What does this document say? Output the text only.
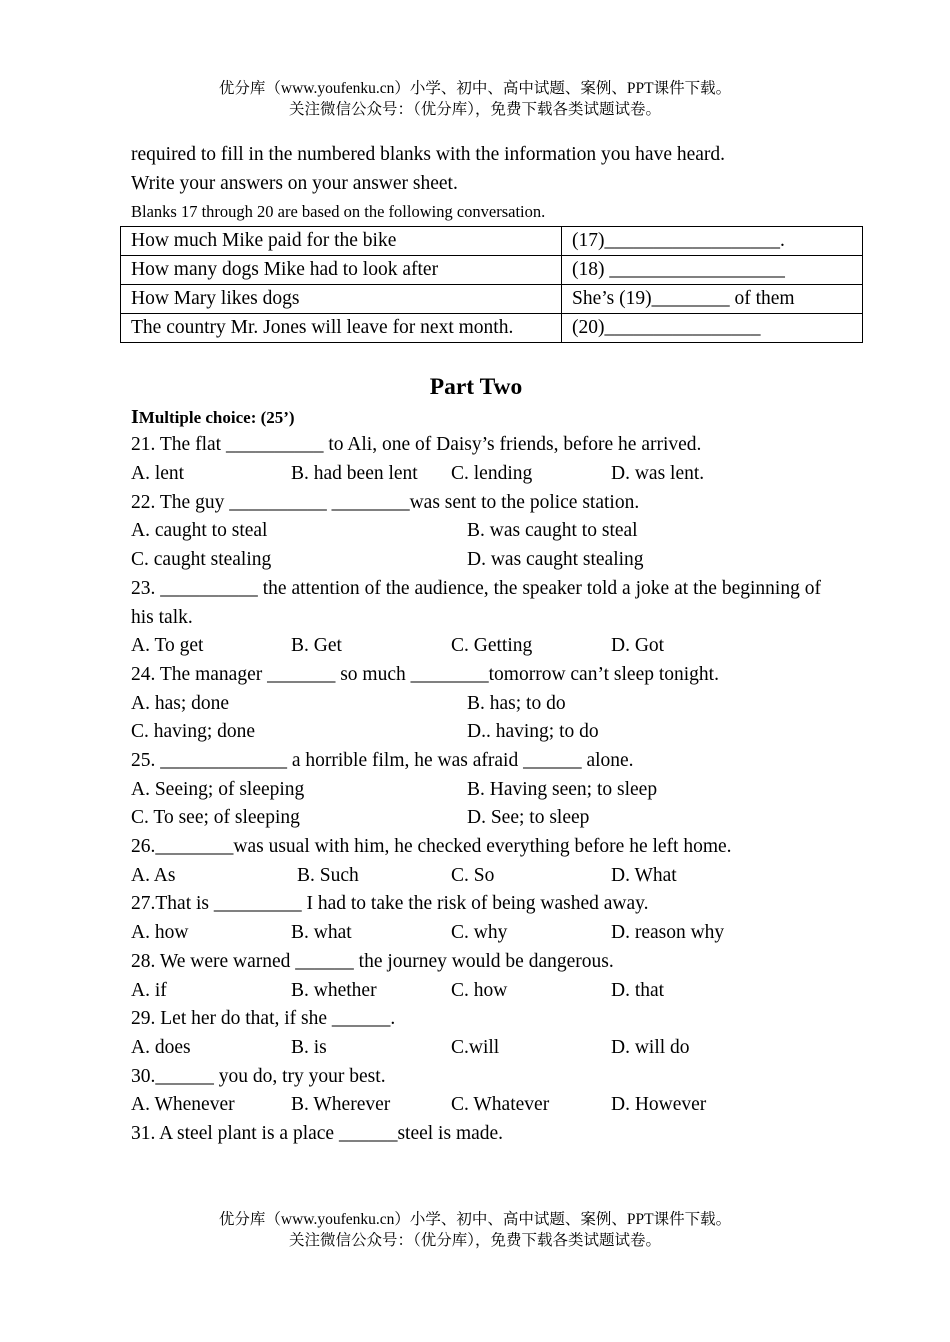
优分库（www.youfenku.cn）小学、初中、高中试题、案例、PPT课件下载。
关注微信公众号：（优分库），免费下载各类试题试卷。
required to fill in the numbered blanks with the information you have heard.
Write your answers on your answer sheet.
Blanks 17 through 20 are based on the following conversation.
How much Mike paid for the bike	(17)__________________.
How many dogs Mike had to look after	(18) __________________
How Mary likes dogs	She’s (19)________ of them
The country Mr. Jones will leave for next month.	(20)________________
Part Two
IMultiple choice: (25’)
21. The flat __________ to Ali, one of Daisy’s friends, before he arrived.
A. lent	B. had been lent C. lending	D. was lent.
22. The guy __________ ________was sent to the police station.
A. caught to steal	B. was caught to steal
C. caught stealing	D. was caught stealing
23. __________ the attention of the audience, the speaker told a joke at the beginning of his talk.
A. To get	B. Get	C. Getting	D. Got
24. The manager _______ so much ________tomorrow can’t sleep tonight.
A. has; done	B. has; to do
C. having; done	D.. having; to do
25. _____________ a horrible film, he was afraid ______ alone.
A. Seeing; of sleeping	B. Having seen; to sleep
C. To see; of sleeping	D. See; to sleep
26.________was usual with him, he checked everything before he left home.
A. As	B. Such	C. So	D. What
27.That is _________ I had to take the risk of being washed away.
A. how	B. what	C. why	D. reason why
28. We were warned ______ the journey would be dangerous.
A. if	B. whether	C. how	D. that
29. Let her do that, if she ______.
A. does	B. is	C.will	D. will do
30.______ you do, try your best.
A. Whenever	B. Wherever	C. Whatever	D. However
31. A steel plant is a place ______steel is made.
优分库（www.youfenku.cn）小学、初中、高中试题、案例、PPT课件下载。
关注微信公众号：（优分库），免费下载各类试题试卷。
